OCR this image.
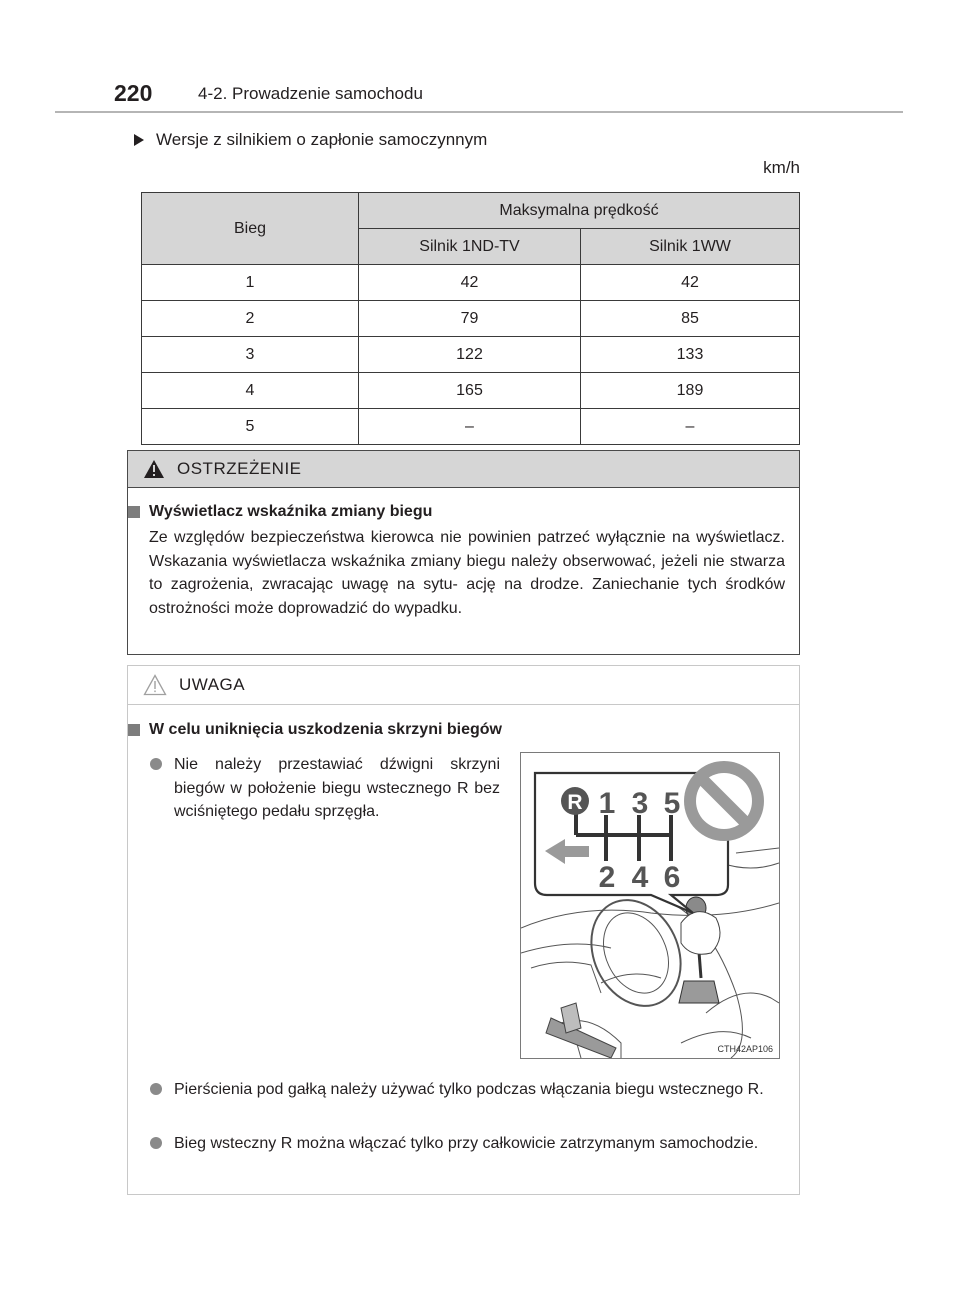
220	4-2. Prowadzenie samochodu
Wersje z silnikiem o zapłonie samoczynnym
km/h
Bieg	Maksymalna prędkość	
	Silnik 1ND-TV	Silnik 1WW
1	42	42
2	79	85
3	122	133
4	165	189
5	–	–
OSTRZEŻENIE
Wyświetlacz wskaźnika zmiany biegu
Ze względów bezpieczeństwa kierowca nie powinien patrzeć wyłącznie na wyświetlacz. Wskazania wyświetlacza wskaźnika zmiany biegu należy obserwować, jeżeli nie stwarza to zagrożenia, zwracając uwagę na sytu- ację na drodze. Zaniechanie tych środków ostrożności może doprowadzić do wypadku.
UWAGA
W celu uniknięcia uszkodzenia skrzyni biegów
Nie należy przestawiać dźwigni skrzyni biegów w położenie biegu wstecznego R bez wciśniętego pedału sprzęgła.	R 1 3 5
2 4 6
CTH42AP106
Pierścienia pod gałką należy używać tylko podczas włączania biegu wstecznego R.
Bieg wsteczny R można włączać tylko przy całkowicie zatrzymanym samochodzie.
